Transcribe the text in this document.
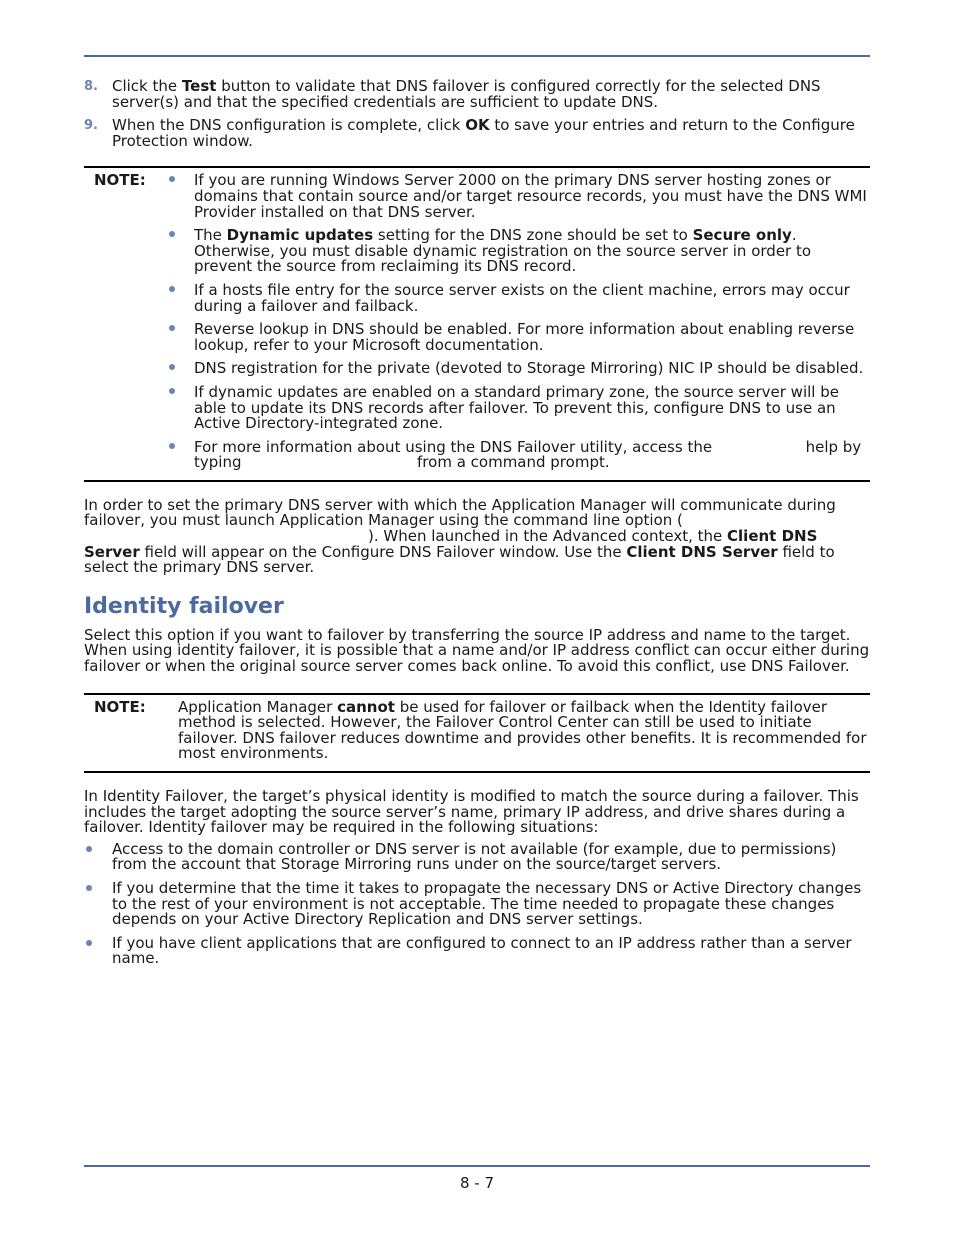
8. Click the Test button to validate that DNS failover is configured correctly for the selected DNS server(s) and that the specified credentials are sufficient to update DNS.
9. When the DNS configuration is complete, click OK to save your entries and return to the Configure Protection window.
NOTE:	If you are running Windows Server 2000 on the primary DNS server hosting zones or domains that contain source and/or target resource records, you must have the DNS WMI Provider installed on that DNS server.
The Dynamic updates setting for the DNS zone should be set to Secure only. Otherwise, you must disable dynamic registration on the source server in order to prevent the source from reclaiming its DNS record.
If a hosts file entry for the source server exists on the client machine, errors may occur during a failover and failback.
Reverse lookup in DNS should be enabled. For more information about enabling reverse lookup, refer to your Microsoft documentation.
DNS registration for the private (devoted to Storage Mirroring) NIC IP should be disabled.
If dynamic updates are enabled on a standard primary zone, the source server will be able to update its DNS records after failover. To prevent this, configure DNS to use an Active Directory-integrated zone.
For more information about using the DNS Failover utility, access the	help by typing	from a command prompt.

In order to set the primary DNS server with which the Application Manager will communicate during failover, you must launch Application Manager using the command line option (). When launched in the Advanced context, the Client DNS Server field will appear on the Configure DNS Failover window. Use the Client DNS Server field to select the primary DNS server.

Identity failover

Select this option if you want to failover by transferring the source IP address and name to the target. When using identity failover, it is possible that a name and/or IP address conflict can occur either during failover or when the original source server comes back online. To avoid this conflict, use DNS Failover.

NOTE:	Application Manager cannot be used for failover or failback when the Identity failover method is selected. However, the Failover Control Center can still be used to initiate failover. DNS failover reduces downtime and provides other benefits. It is recommended for most environments.

In Identity Failover, the target’s physical identity is modified to match the source during a failover. This includes the target adopting the source server’s name, primary IP address, and drive shares during a failover. Identity failover may be required in the following situations:

Access to the domain controller or DNS server is not available (for example, due to permissions) from the account that Storage Mirroring runs under on the source/target servers.
If you determine that the time it takes to propagate the necessary DNS or Active Directory changes to the rest of your environment is not acceptable. The time needed to propagate these changes depends on your Active Directory Replication and DNS server settings.
If you have client applications that are configured to connect to an IP address rather than a server name.
8 - 7
